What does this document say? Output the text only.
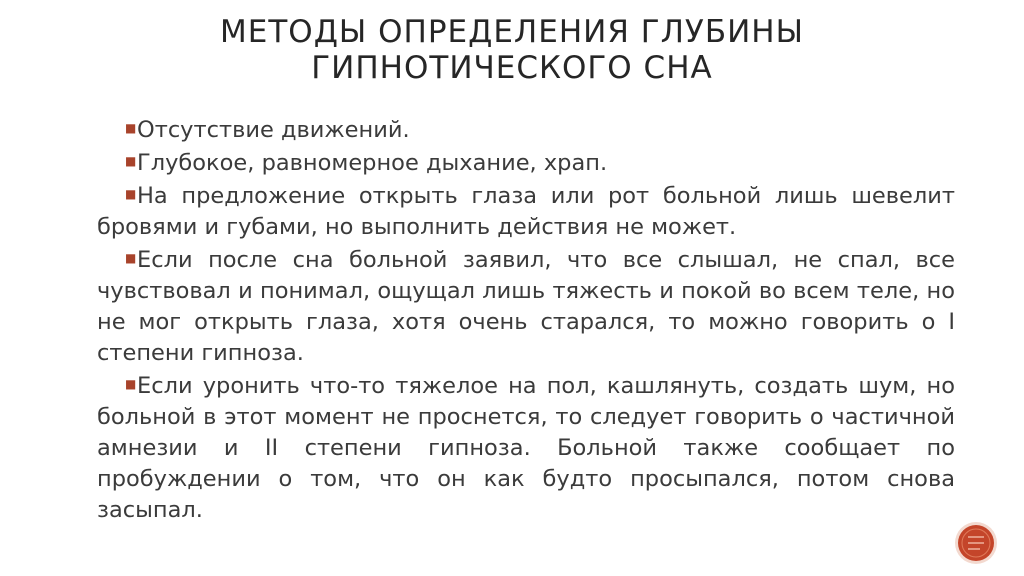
МЕТОДЫ ОПРЕДЕЛЕНИЯ ГЛУБИНЫ
ГИПНОТИЧЕСКОГО СНА
■Отсутствие движений.
■Глубокое, равномерное дыхание, храп.
■На предложение открыть глаза или рот больной лишь шевелит бровями и губами, но выполнить действия не может.
■Если после сна больной заявил, что все слышал, не спал, все чувствовал и понимал, ощущал лишь тяжесть и покой во всем теле, но не мог открыть глаза, хотя очень старался, то можно говорить о I степени гипноза.
■Если уронить что-то тяжелое на пол, кашлянуть, создать шум, но больной в этот момент не проснется, то следует говорить о частичной амнезии и II степени гипноза. Больной также сообщает по пробуждении о том, что он как будто просыпался, потом снова засыпал.
